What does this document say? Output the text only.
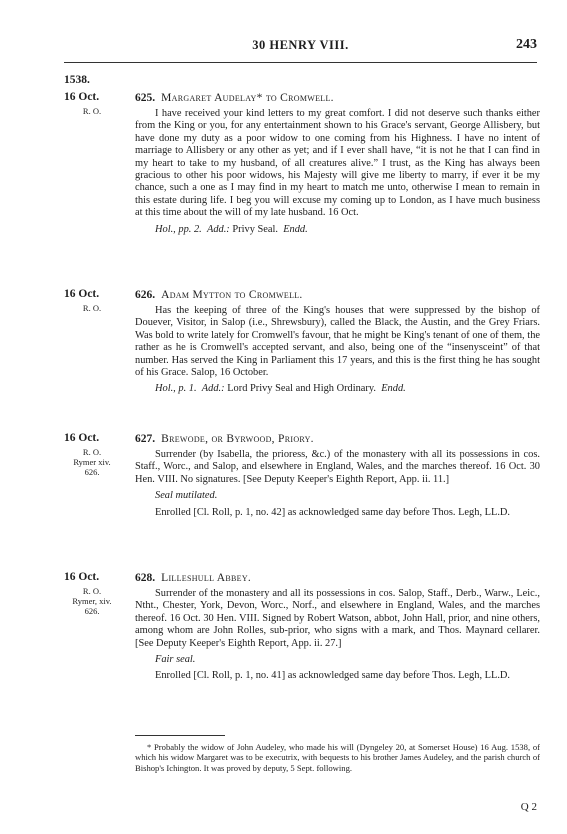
30 HENRY VIII.	243
1538.
16 Oct.
R. O.
625. Margaret Audelay* to Cromwell.

I have received your kind letters to my great comfort. I did not deserve such thanks either from the King or you, for any entertainment shown to his Grace's servant, George Allisbery, but have done my duty as a poor widow to one coming from his Highness. I have no intent of marriage to Allisbery or any other as yet; and if I ever shall have, “it is not he that I can find in my heart to take to my husband, of all creatures alive.” I trust, as the King has always been gracious to other his poor widows, his Majesty will give me liberty to marry, if ever it be my chance, such a one as I may find in my heart to match me unto, otherwise I mean to remain in this estate during life. I beg you will excuse my coming up to London, as I have much business at this time about the will of my late husband. 16 Oct.

Hol., pp. 2. Add.: Privy Seal. Endd.
16 Oct.
R. O.
626. Adam Mytton to Cromwell.

Has the keeping of three of the King's houses that were suppressed by the bishop of Douever, Visitor, in Salop (i.e., Shrewsbury), called the Black, the Austin, and the Grey Friars. Was bold to write lately for Cromwell's favour, that he might be King's tenant of one of them, the rather as he is Cromwell's accepted servant, and also, being one of the “insenysceint” of that number. Has served the King in Parliament this 17 years, and this is the first thing he has sought of his Grace. Salop, 16 October.

Hol., p. 1. Add.: Lord Privy Seal and High Ordinary. Endd.
16 Oct.
R. O.
Rymer xiv.
626.
627. Brewode, or Byrwood, Priory.

Surrender (by Isabella, the prioress, &c.) of the monastery with all its possessions in cos. Staff., Worc., and Salop, and elsewhere in England, Wales, and the marches thereof. 16 Oct. 30 Hen. VIII. No signatures. [See Deputy Keeper's Eighth Report, App. ii. 11.]

Seal mutilated.

Enrolled [Cl. Roll, p. 1, no. 42] as acknowledged same day before Thos. Legh, LL.D.

16 Oct.
R. O.
Rymer, xiv.
626.
628. Lilleshull Abbey.

Surrender of the monastery and all its possessions in cos. Salop, Staff., Derb., Warw., Leic., Ntht., Chester, York, Devon, Worc., Norf., and elsewhere in England, Wales, and the marches thereof. 16 Oct. 30 Hen. VIII. Signed by Robert Watson, abbot, John Hall, prior, and nine others, among whom are John Rolles, sub-prior, who signs with a mark, and Thos. Maynard cellarer. [See Deputy Keeper's Eighth Report, App. ii. 27.]

Fair seal.

Enrolled [Cl. Roll, p. 1, no. 41] as acknowledged same day before Thos. Legh, LL.D.

* Probably the widow of John Audeley, who made his will (Dyngeley 20, at Somerset House) 16 Aug. 1538, of which his widow Margaret was to be executrix, with bequests to his brother James Audeley, and the parish church of Bishop's Ichington. It was proved by deputy, 5 Sept. following.
Q 2
